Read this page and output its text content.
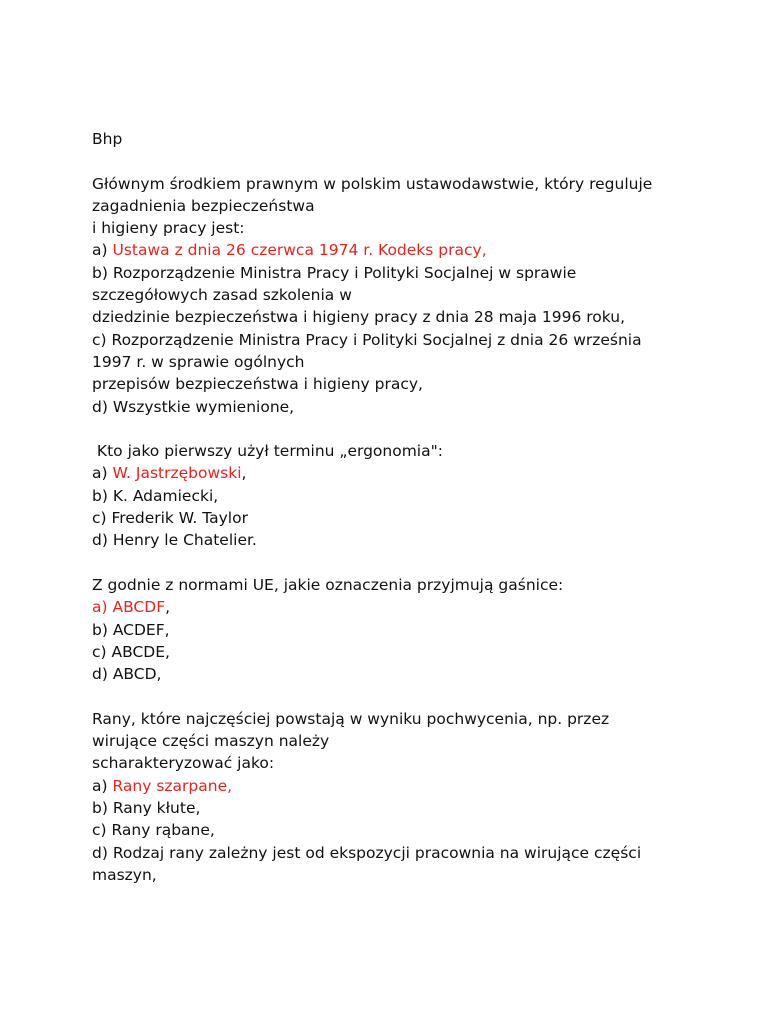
Bhp
Głównym środkiem prawnym w polskim ustawodawstwie, który reguluje
zagadnienia bezpieczeństwa
i higieny pracy jest:
a) Ustawa z dnia 26 czerwca 1974 r. Kodeks pracy,
b) Rozporządzenie Ministra Pracy i Polityki Socjalnej w sprawie
szczegółowych zasad szkolenia w
dziedzinie bezpieczeństwa i higieny pracy z dnia 28 maja 1996 roku,
c) Rozporządzenie Ministra Pracy i Polityki Socjalnej z dnia 26 września
1997 r. w sprawie ogólnych
przepisów bezpieczeństwa i higieny pracy,
d) Wszystkie wymienione,
Kto jako pierwszy użył terminu „ergonomia":
a) W. Jastrzębowski,
b) K. Adamiecki,
c) Frederik W. Taylor
d) Henry le Chatelier.
Z godnie z normami UE, jakie oznaczenia przyjmują gaśnice:
a) ABCDF,
b) ACDEF,
c) ABCDE,
d) ABCD,
Rany, które najczęściej powstają w wyniku pochwycenia, np. przez
wirujące części maszyn należy
scharakteryzować jako:
a) Rany szarpane,
b) Rany kłute,
c) Rany rąbane,
d) Rodzaj rany zależny jest od ekspozycji pracownia na wirujące części
maszyn,
